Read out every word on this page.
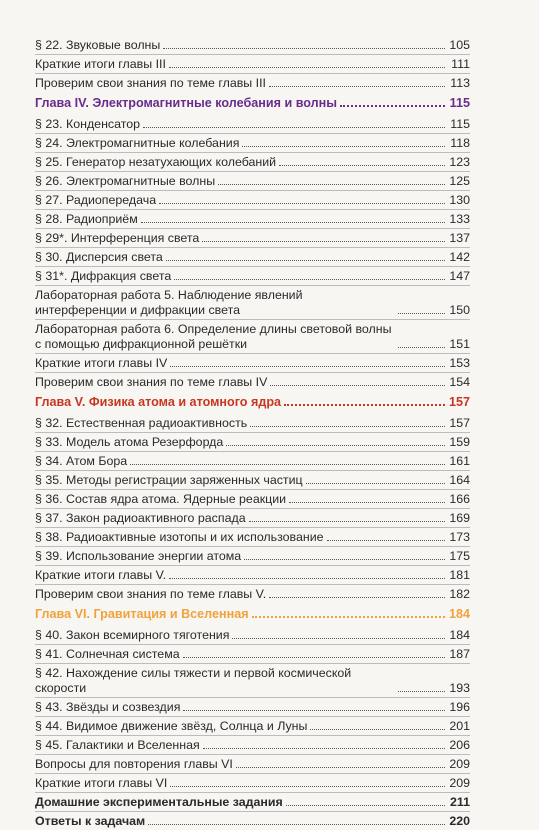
§ 22. Звуковые волны	105
Краткие итоги главы III	111
Проверим свои знания по теме главы III	113
Глава IV. Электромагнитные колебания и волны	115
§ 23. Конденсатор	115
§ 24. Электромагнитные колебания	118
§ 25. Генератор незатухающих колебаний	123
§ 26. Электромагнитные волны	125
§ 27. Радиопередача	130
§ 28. Радиоприём	133
§ 29*. Интерференция света	137
§ 30. Дисперсия света	142
§ 31*. Дифракция света	147
Лабораторная работа 5. Наблюдение явлений интерференции и дифракции света	150
Лабораторная работа 6. Определение длины световой волны с помощью дифракционной решётки	151
Краткие итоги главы IV	153
Проверим свои знания по теме главы IV	154
Глава V. Физика атома и атомного ядра	157
§ 32. Естественная радиоактивность	157
§ 33. Модель атома Резерфорда	159
§ 34. Атом Бора	161
§ 35. Методы регистрации заряженных частиц	164
§ 36. Состав ядра атома. Ядерные реакции	166
§ 37. Закон радиоактивного распада	169
§ 38. Радиоактивные изотопы и их использование	173
§ 39. Использование энергии атома	175
Краткие итоги главы V.	181
Проверим свои знания по теме главы V.	182
Глава VI. Гравитация и Вселенная	184
§ 40. Закон всемирного тяготения	184
§ 41. Солнечная система	187
§ 42. Нахождение силы тяжести и первой космической скорости	193
§ 43. Звёзды и созвездия	196
§ 44. Видимое движение звёзд, Солнца и Луны	201
§ 45. Галактики и Вселенная	206
Вопросы для повторения главы VI	209
Краткие итоги главы VI	209
Домашние экспериментальные задания	211
Ответы к задачам	220
